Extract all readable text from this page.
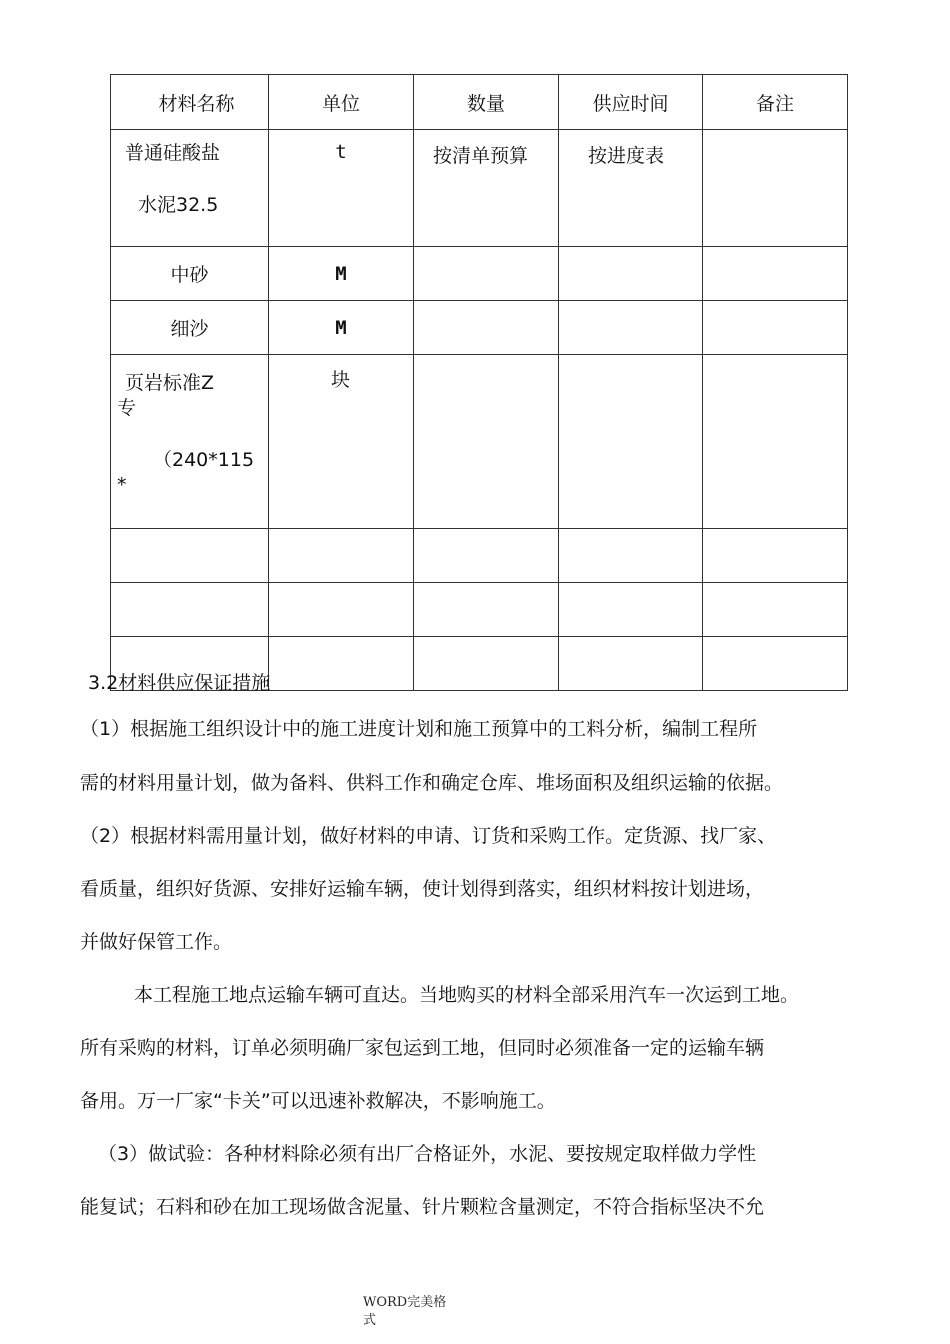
材料名称	单位	数量	供应时间	备注

普通硅酸盐
水泥32.5	t	按清单预算	按进度表	
中砂	M			
细沙	M			

页岩标准Z
专
（240*115
*	块			

3.2材料供应保证措施
（1）根据施工组织设计中的施工进度计划和施工预算中的工料分析，编制工程所
需的材料用量计划，做为备料、供料工作和确定仓库、堆场面积及组织运输的依据。
（2）根据材料需用量计划，做好材料的申请、订货和采购工作。定货源、找厂家、
看质量，组织好货源、安排好运输车辆，使计划得到落实，组织材料按计划进场，
并做好保管工作。
本工程施工地点运输车辆可直达。当地购买的材料全部采用汽车一次运到工地。
所有采购的材料，订单必须明确厂家包运到工地，但同时必须准备一定的运输车辆
备用。万一厂家“卡关”可以迅速补救解决，不影响施工。
（3）做试验：各种材料除必须有出厂合格证外，水泥、要按规定取样做力学性
能复试；石料和砂在加工现场做含泥量、针片颗粒含量测定，不符合指标坚决不允
WORD完美格
式
